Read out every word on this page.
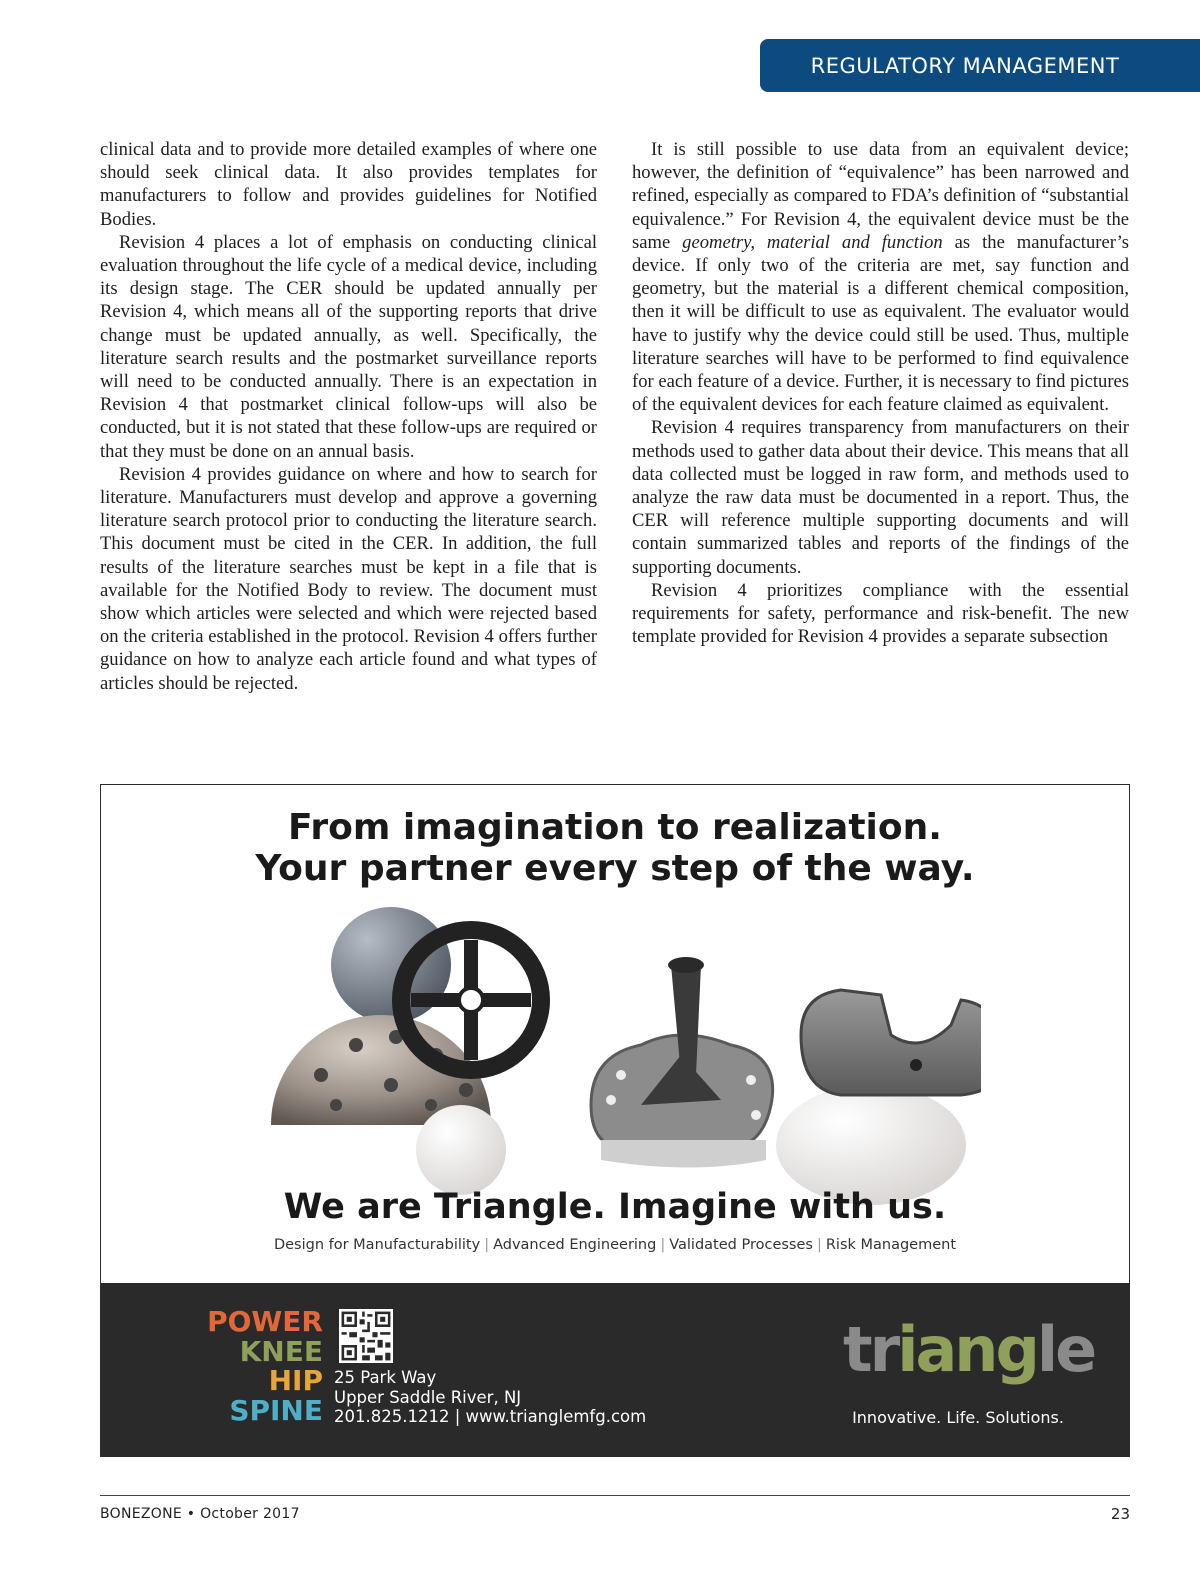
REGULATORY MANAGEMENT

clinical data and to provide more detailed examples of where one should seek clinical data. It also provides templates for manufacturers to follow and provides guidelines for Notified Bodies.

Revision 4 places a lot of emphasis on conducting clinical evaluation throughout the life cycle of a medical device, including its design stage. The CER should be updated annually per Revision 4, which means all of the supporting reports that drive change must be updated annually, as well. Specifically, the literature search results and the postmarket surveillance reports will need to be conducted annually. There is an expectation in Revision 4 that postmarket clinical follow-ups will also be conducted, but it is not stated that these follow-ups are required or that they must be done on an annual basis.

Revision 4 provides guidance on where and how to search for literature. Manufacturers must develop and approve a governing literature search protocol prior to conducting the literature search. This document must be cited in the CER. In addition, the full results of the literature searches must be kept in a file that is available for the Notified Body to review. The document must show which articles were selected and which were rejected based on the criteria established in the protocol. Revision 4 offers further guidance on how to analyze each article found and what types of articles should be rejected.

It is still possible to use data from an equivalent device; however, the definition of “equivalence” has been narrowed and refined, especially as compared to FDA’s definition of “substantial equivalence.” For Revision 4, the equivalent device must be the same geometry, material and function as the manufacturer’s device. If only two of the criteria are met, say function and geometry, but the material is a different chemical composition, then it will be difficult to use as equivalent. The evaluator would have to justify why the device could still be used. Thus, multiple literature searches will have to be performed to find equivalence for each feature of a device. Further, it is necessary to find pictures of the equivalent devices for each feature claimed as equivalent.

Revision 4 requires transparency from manufacturers on their methods used to gather data about their device. This means that all data collected must be logged in raw form, and methods used to analyze the raw data must be documented in a report. Thus, the CER will reference multiple supporting documents and will contain summarized tables and reports of the findings of the supporting documents.

Revision 4 prioritizes compliance with the essential requirements for safety, performance and risk-benefit. The new template provided for Revision 4 provides a separate subsection

From imagination to realization.
Your partner every step of the way.
We are Triangle. Imagine with us.
Design for Manufacturability | Advanced Engineering | Validated Processes | Risk Management
POWER
KNEE
HIP
SPINE
25 Park Way
Upper Saddle River, NJ
201.825.1212 | www.trianglemfg.com
triangle
Innovative. Life. Solutions.
BONEZONE • October 2017	23
